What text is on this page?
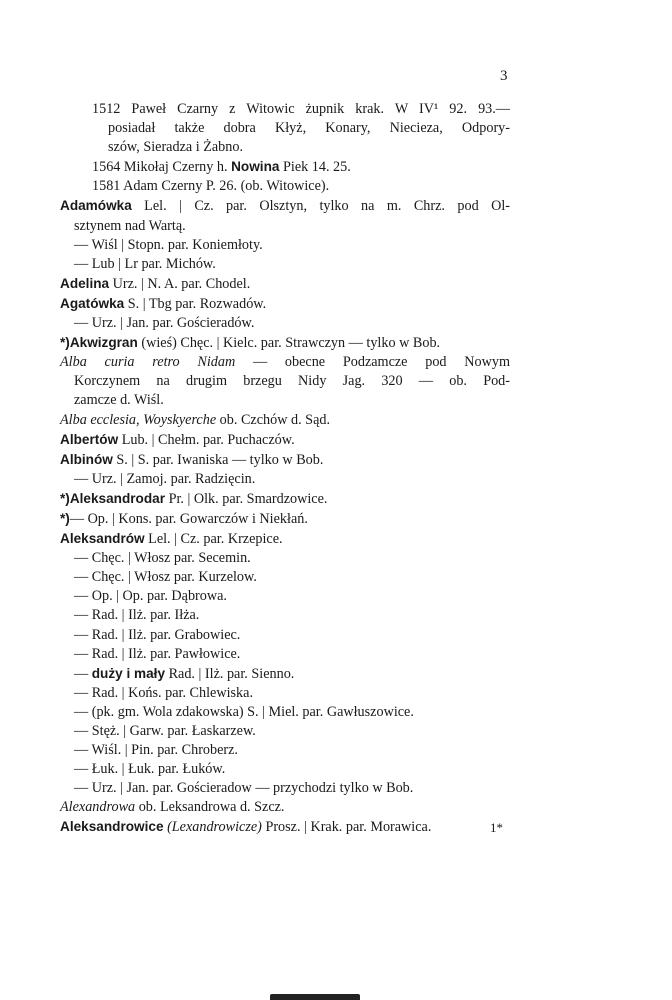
3
1512 Paweł Czarny z Witowic żupnik krak. W IV¹ 92. 93.—
posiadał także dobra Kłyż, Konary, Niecieza, Odpory-
szów, Sieradza i Żabno.
1564 Mikołaj Czerny h. Nowina Piek 14. 25.
1581 Adam Czerny P. 26. (ob. Witowice).
Adamówka Lel. | Cz. par. Olsztyn, tylko na m. Chrz. pod Ol-
sztynem nad Wartą.
— Wiśl | Stopn. par. Koniemłoty.
— Lub | Lr par. Michów.
Adelina Urz. | N. A. par. Chodel.
Agatówka S. | Tbg par. Rozwadów.
— Urz. | Jan. par. Gościeradów.
*)Akwizgran (wieś) Chęc. | Kielc. par. Strawczyn — tylko w Bob.
Alba curia retro Nidam — obecne Podzamcze pod Nowym
Korczynem na drugim brzegu Nidy Jag. 320 — ob. Pod-
zamcze d. Wiśl.
Alba ecclesia, Woyskyerche ob. Czchów d. Sąd.
Albertów Lub. | Chełm. par. Puchaczów.
Albinów S. | S. par. Iwaniska — tylko w Bob.
— Urz. | Zamoj. par. Radzięcin.
*)Aleksandrodar Pr. | Olk. par. Smardzowice.
*)— Op. | Kons. par. Gowarczów i Niekłań.
Aleksandrów Lel. | Cz. par. Krzepice.
— Chęc. | Włosz par. Secemin.
— Chęc. | Włosz par. Kurzelow.
— Op. | Op. par. Dąbrowa.
— Rad. | Ilż. par. Iłża.
— Rad. | Ilż. par. Grabowiec.
— Rad. | Ilż. par. Pawłowice.
— duży i mały Rad. | Ilż. par. Sienno.
— Rad. | Końs. par. Chlewiska.
— (pk. gm. Wola zdakowska) S. | Miel. par. Gawłuszowice.
— Stęż. | Garw. par. Łaskarzew.
— Wiśl. | Pin. par. Chroberz.
— Łuk. | Łuk. par. Łuków.
— Urz. | Jan. par. Gościeradow — przychodzi tylko w Bob.
Alexandrowa ob. Leksandrowa d. Szcz.
Aleksandrowice (Lexandrowicze) Prosz. | Krak. par. Morawica.	1*
